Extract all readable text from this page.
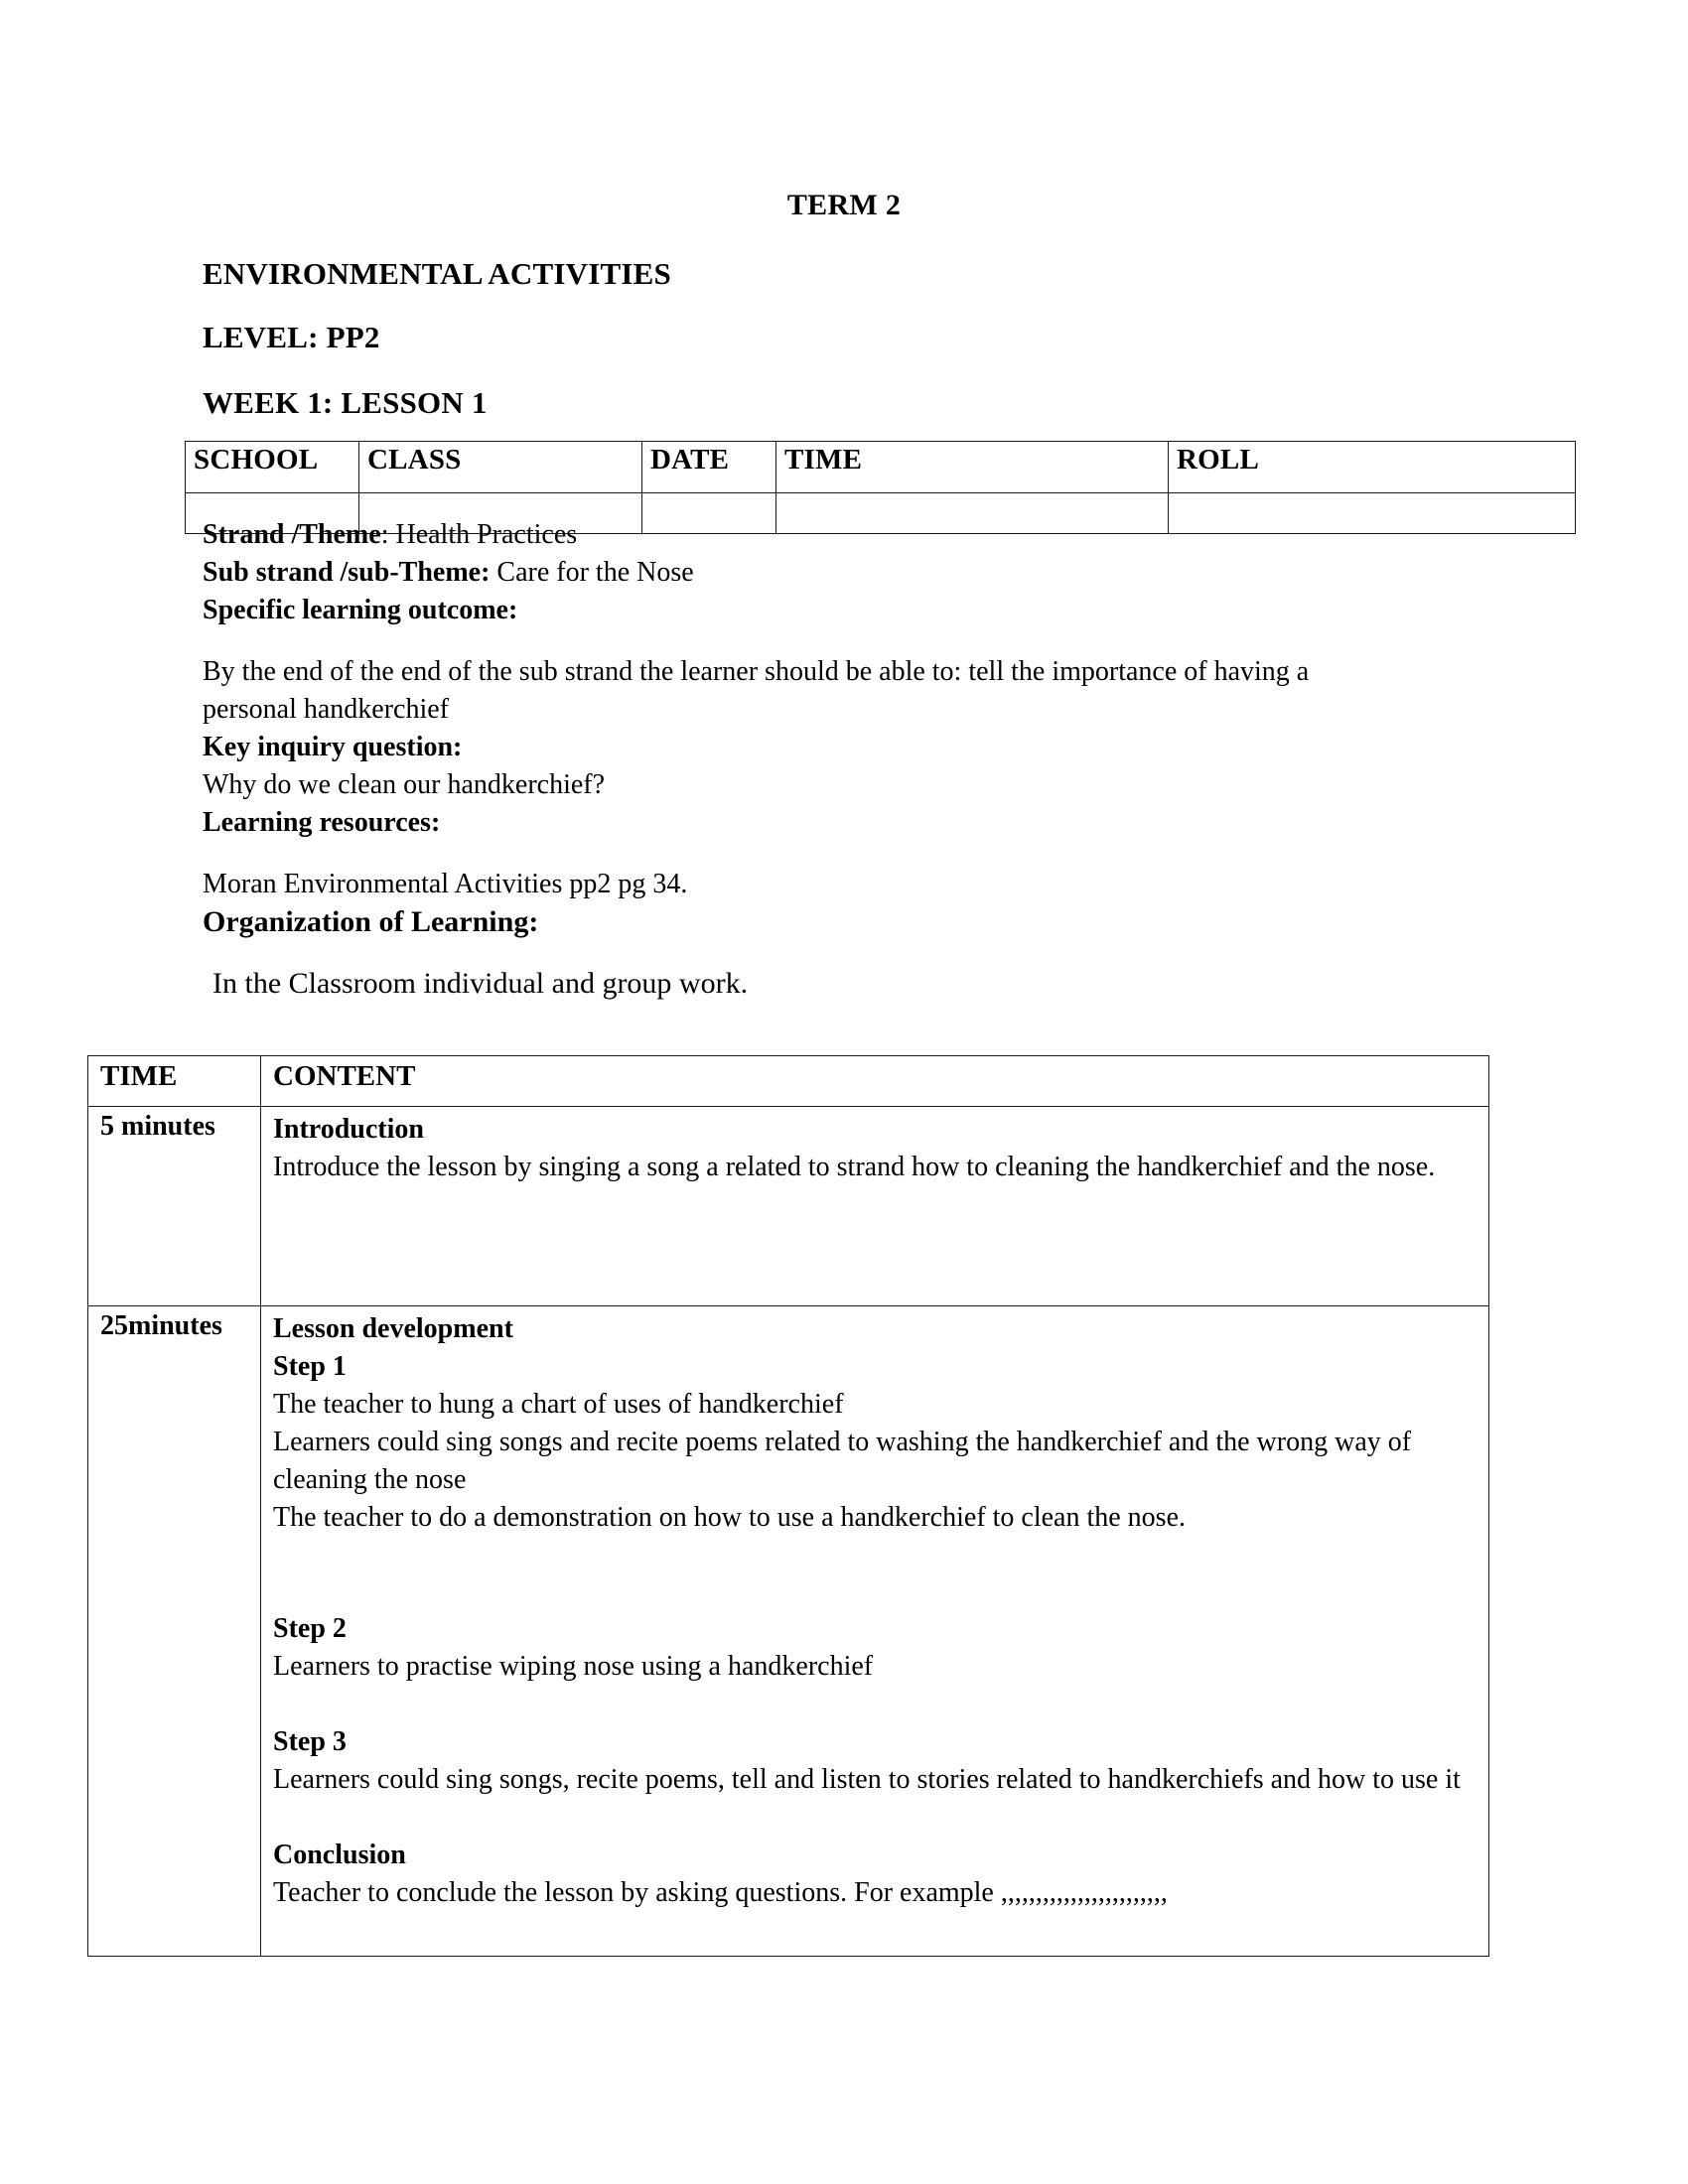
TERM 2
ENVIRONMENTAL ACTIVITIES
LEVEL: PP2
WEEK 1: LESSON 1
SCHOOL	CLASS	DATE	TIME	ROLL

Strand /Theme: Health Practices
Sub strand /sub-Theme: Care for the Nose
Specific learning outcome:
By the end of the end of the sub strand the learner should be able to: tell the importance of having a personal handkerchief
Key inquiry question:
Why do we clean our handkerchief?
Learning resources:
Moran Environmental Activities pp2 pg 34.
Organization of Learning:
In the Classroom individual and group work.
TIME	CONTENT
5 minutes	Introduction
Introduce the lesson by singing a song a related to strand how to cleaning the handkerchief and the nose.

25minutes	Lesson development
Step 1
The teacher to hung a chart of uses of handkerchief
Learners could sing songs and recite poems related to washing the handkerchief and the wrong way of cleaning the nose
The teacher to do a demonstration on how to use a handkerchief to clean the nose.
Step 2
Learners to practise wiping nose using a handkerchief
Step 3
Learners could sing songs, recite poems, tell and listen to stories related to handkerchiefs and how to use it
Conclusion
Teacher to conclude the lesson by asking questions. For example ,,,,,,,,,,,,,,,,,,,,,,,,
